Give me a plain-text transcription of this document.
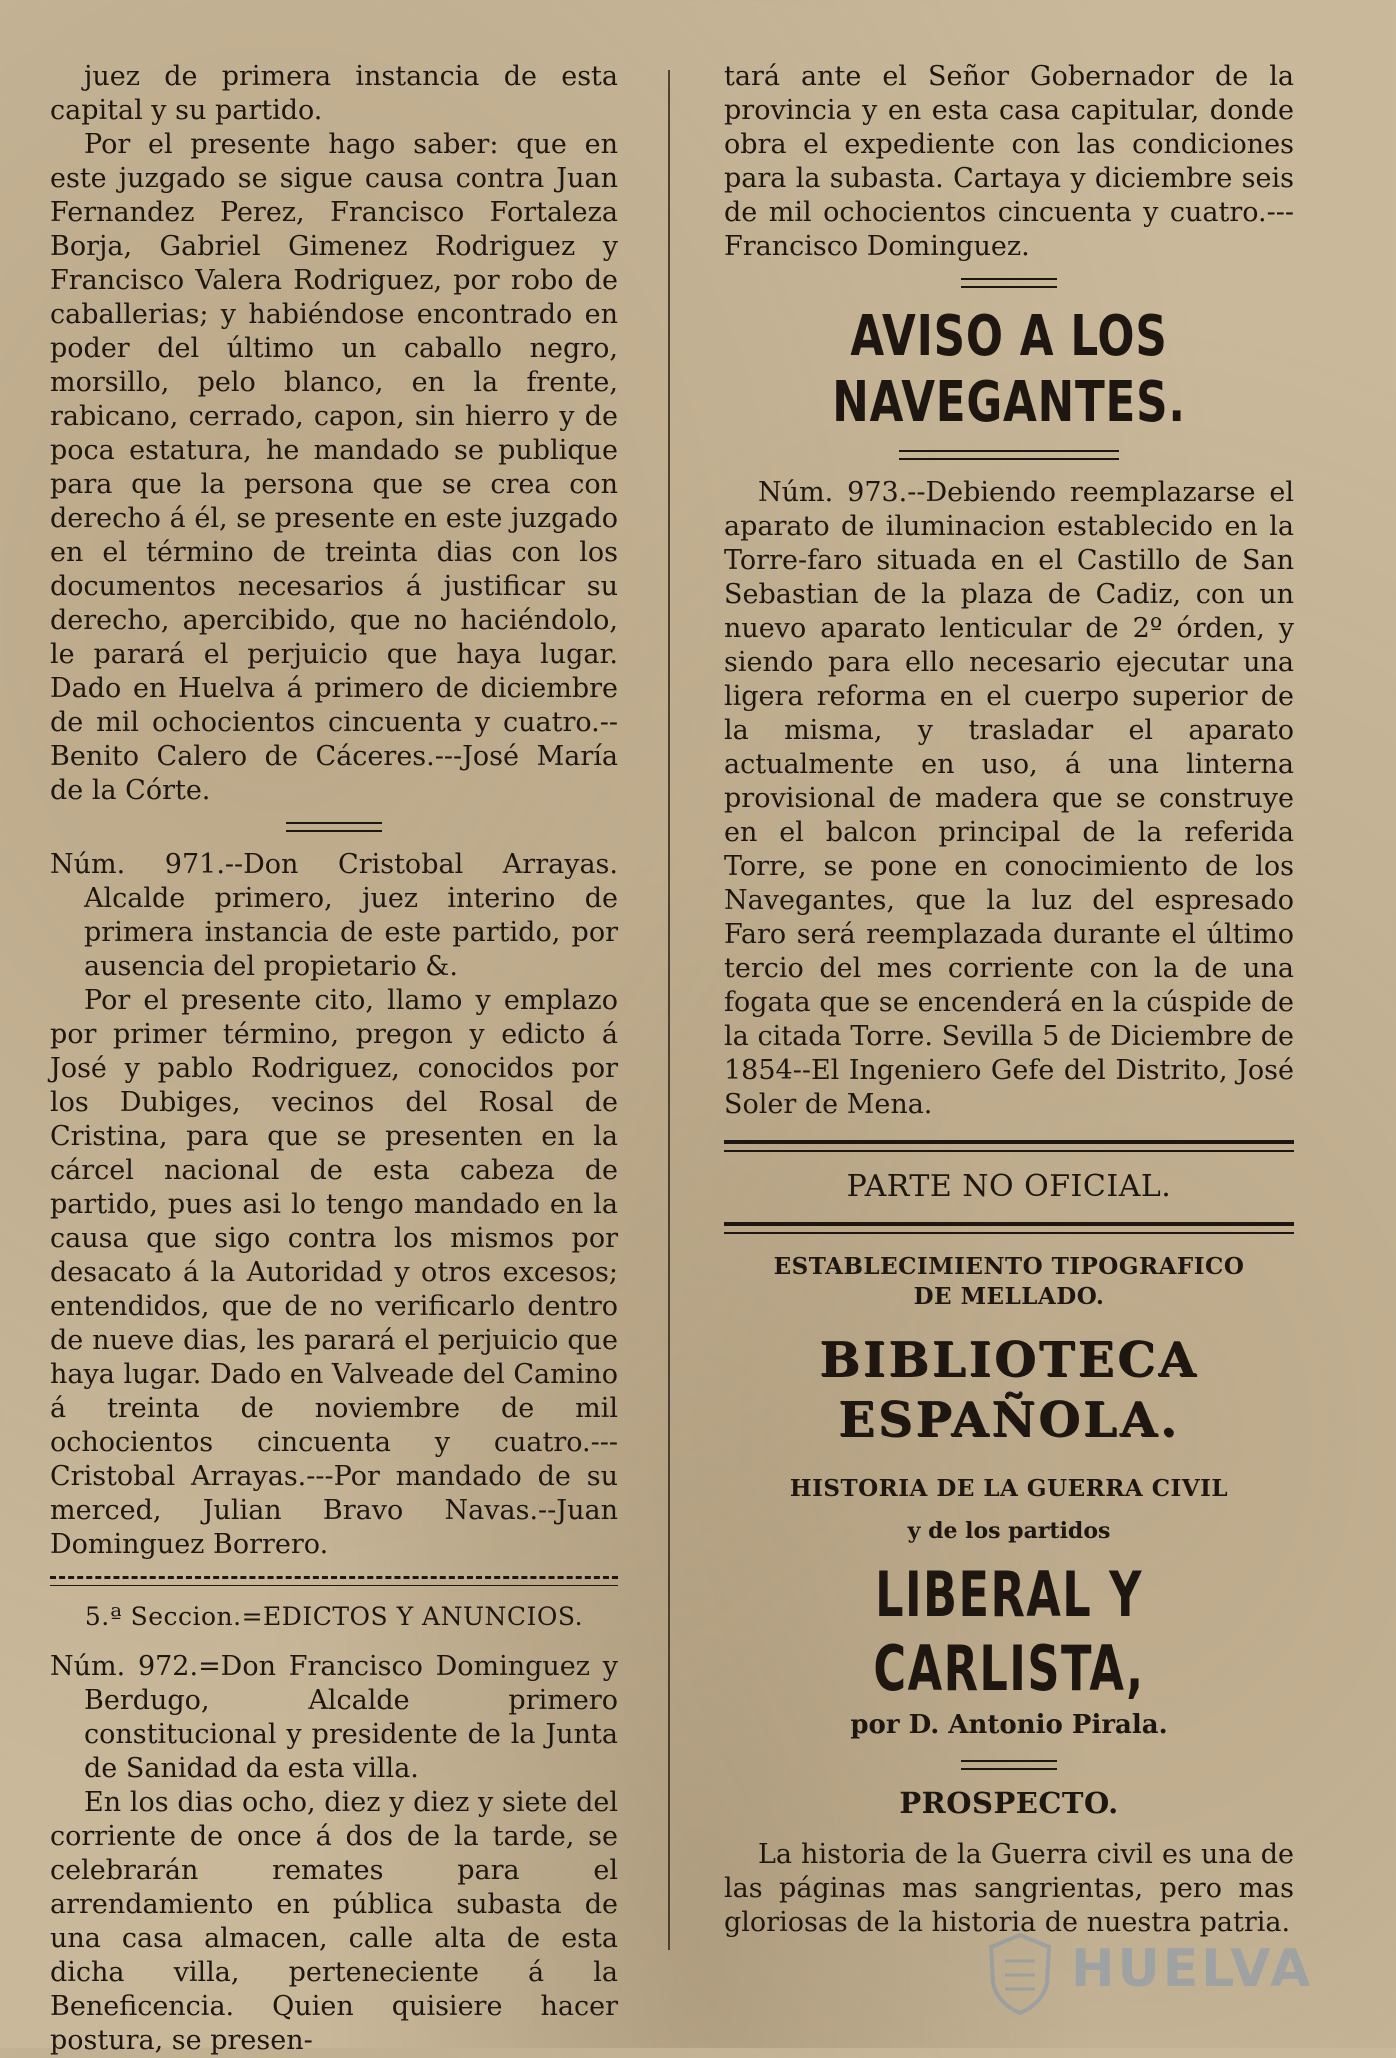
juez de primera instancia de esta capital y su partido.

Por el presente hago saber: que en este juzgado se sigue causa contra Juan Fernandez Perez, Francisco Fortaleza Borja, Gabriel Gimenez Rodriguez y Francisco Valera Rodriguez, por robo de caballerias; y habiéndose encontrado en poder del último un caballo negro, morsillo, pelo blanco, en la frente, rabicano, cerrado, capon, sin hierro y de poca estatura, he mandado se publique para que la persona que se crea con derecho á él, se presente en este juzgado en el término de treinta dias con los documentos necesarios á justificar su derecho, apercibido, que no haciéndolo, le parará el perjuicio que haya lugar. Dado en Huelva á primero de diciembre de mil ochocientos cincuenta y cuatro.--Benito Calero de Cáceres.---José María de la Córte.

Núm. 971.--Don Cristobal Arrayas. Alcalde primero, juez interino de primera instancia de este partido, por ausencia del propietario &.

Por el presente cito, llamo y emplazo por primer término, pregon y edicto á José y pablo Rodriguez, conocidos por los Dubiges, vecinos del Rosal de Cristina, para que se presenten en la cárcel nacional de esta cabeza de partido, pues asi lo tengo mandado en la causa que sigo contra los mismos por desacato á la Autoridad y otros excesos; entendidos, que de no verificarlo dentro de nueve dias, les parará el perjuicio que haya lugar. Dado en Valveade del Camino á treinta de noviembre de mil ochocientos cincuenta y cuatro.---Cristobal Arrayas.---Por mandado de su merced, Julian Bravo Navas.--Juan Dominguez Borrero.

5.ª Seccion.=EDICTOS Y ANUNCIOS.

Núm. 972.=Don Francisco Dominguez y Berdugo, Alcalde primero constitucional y presidente de la Junta de Sanidad da esta villa.

En los dias ocho, diez y diez y siete del corriente de once á dos de la tarde, se celebrarán remates para el arrendamiento en pública subasta de una casa almacen, calle alta de esta dicha villa, perteneciente á la Beneficencia. Quien quisiere hacer postura, se presen-

tará ante el Señor Gobernador de la provincia y en esta casa capitular, donde obra el expediente con las condiciones para la subasta. Cartaya y diciembre seis de mil ochocientos cincuenta y cuatro.---Francisco Dominguez.

AVISO A LOS NAVEGANTES.

Núm. 973.--Debiendo reemplazarse el aparato de iluminacion establecido en la Torre-faro situada en el Castillo de San Sebastian de la plaza de Cadiz, con un nuevo aparato lenticular de 2º órden, y siendo para ello necesario ejecutar una ligera reforma en el cuerpo superior de la misma, y trasladar el aparato actualmente en uso, á una linterna provisional de madera que se construye en el balcon principal de la referida Torre, se pone en conocimiento de los Navegantes, que la luz del espresado Faro será reemplazada durante el último tercio del mes corriente con la de una fogata que se encenderá en la cúspide de la citada Torre. Sevilla 5 de Diciembre de 1854--El Ingeniero Gefe del Distrito, José Soler de Mena.

PARTE NO OFICIAL.
ESTABLECIMIENTO TIPOGRAFICO
DE MELLADO.
BIBLIOTECA ESPAÑOLA.
HISTORIA DE LA GUERRA CIVIL
y de los partidos
LIBERAL Y CARLISTA,
por D. Antonio Pirala.
PROSPECTO.

La historia de la Guerra civil es una de las páginas mas sangrientas, pero mas gloriosas de la historia de nuestra patria.

HUELVA
